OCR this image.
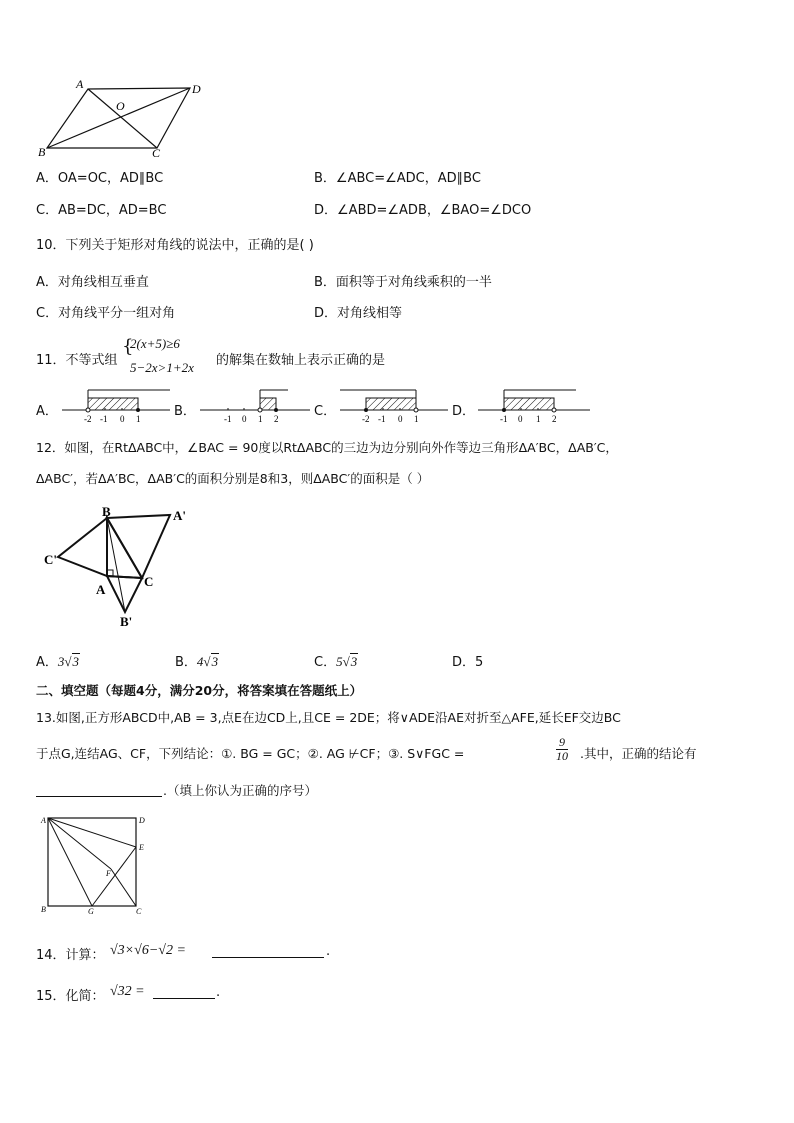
A	D
B	C
O
A．OA=OC，AD∥BC	B．∠ABC=∠ADC，AD∥BC
C．AB=DC，AD=BC	D．∠ABD=∠ADB，∠BAO=∠DCO
10．下列关于矩形对角线的说法中，正确的是( )
A．对角线相互垂直	B．面积等于对角线乘积的一半
C．对角线平分一组对角	D．对角线相等
11．不等式组
{
2(x+5)≥6
5−2x>1+2x 的解集在数轴上表示正确的是
A．	-2 -1 0 1	B．	-1 0 1 2	C．	-2 -1 0 1	D．	-1 0 1 2
12．如图，在RtΔABC中，∠BAC = 90度以RtΔABC的三边为边分别向外作等边三角形ΔA′BC，ΔAB′C，
ΔABC′，若ΔA′BC，ΔAB′C的面积分别是8和3，则ΔABC′的面积是（ ）
B	A'
C'
C
A
B'
A．3√3	B．4√3	C．5√3	D．5
二、填空题（每题4分，满分20分，将答案填在答题纸上）
13.如图,正方形ABCD中,AB = 3,点E在边CD上,且CE = 2DE；将∨ADE沿AE对折至△AFE,延长EF交边BC
于点G,连结AG、CF，下列结论：①. BG = GC；②. AG ⊬CF；③. S∨FGC =	$\frac{9}{10}$ .其中，正确的结论有
.（填上你认为正确的序号）
A	D
E
F
B	G	C
14．计算： √3×√6−√2 =	.
15．化简： √32 =	.
